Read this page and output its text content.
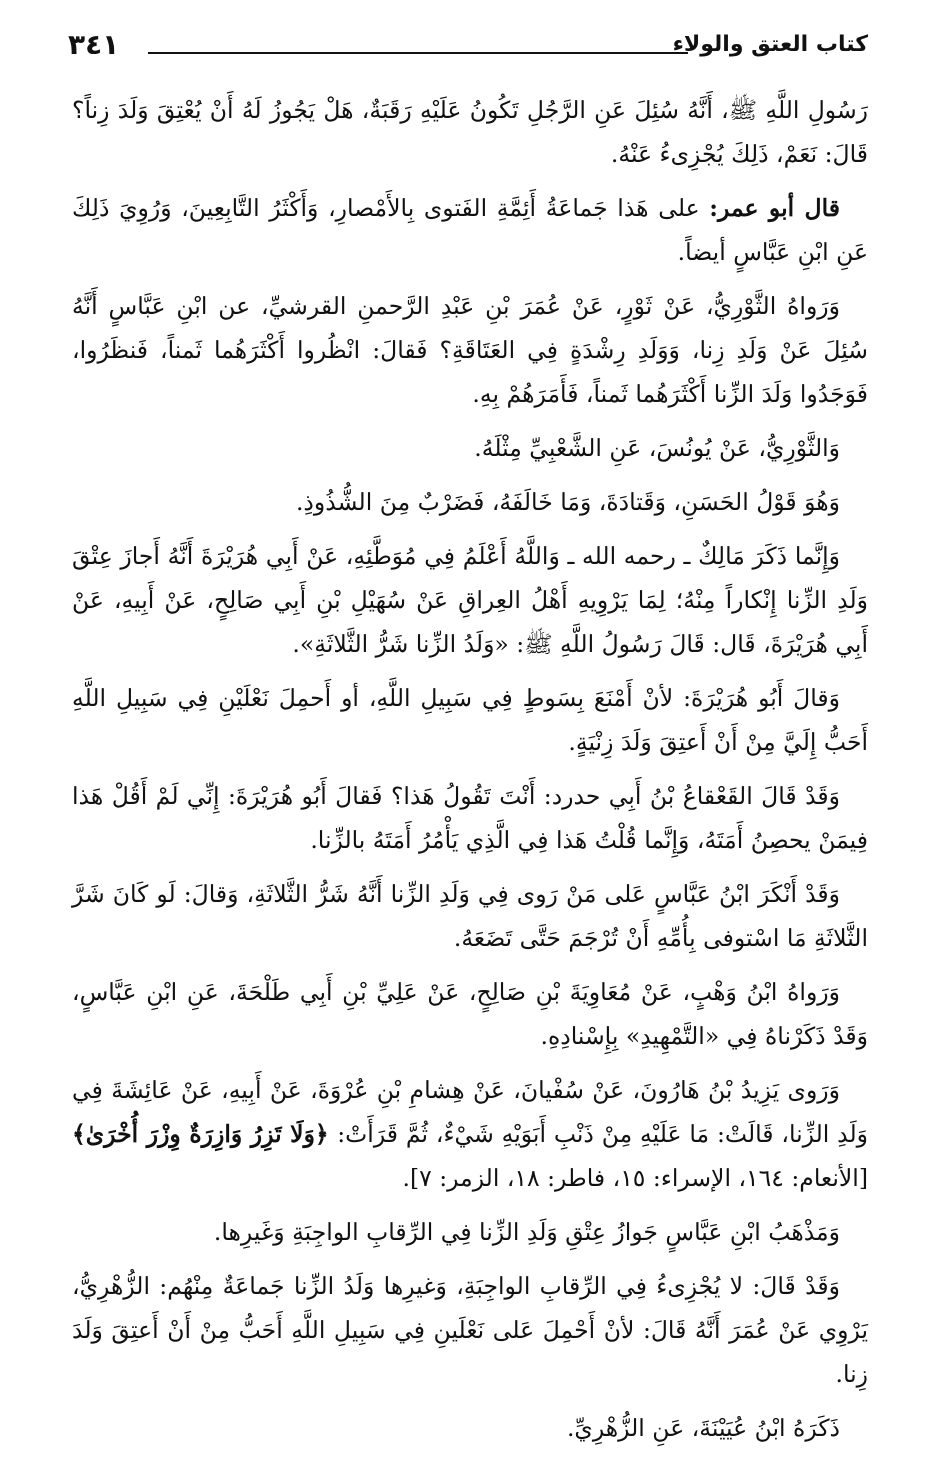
٣٤١	كتاب العتق والولاء

رَسُولِ اللَّهِ ﷺ، أَنَّهُ سُئِلَ عَنِ الرَّجُلِ تَكُونُ عَلَيْهِ رَقَبَةٌ، هَلْ يَجُوزُ لَهُ أَنْ يُعْتِقَ وَلَدَ زِناً؟ قَالَ: نَعَمْ، ذَلِكَ يُجْزِىءُ عَنْهُ.

قال أبو عمر: على هَذا جَماعَةُ أَئِمَّةِ الفَتوى بِالأَمْصارِ، وَأَكْثَرُ التَّابِعِينَ، وَرُوِيَ ذَلِكَ عَنِ ابْنِ عَبَّاسٍ أيضاً.

وَرَواهُ الثَّوْرِيُّ، عَنْ ثَوْرٍ، عَنْ عُمَرَ بْنِ عَبْدِ الرَّحمنِ القرشيِّ، عن ابْنِ عَبَّاسٍ أَنَّهُ سُئِلَ عَنْ وَلَدِ زِنا، وَوَلَدِ رِشْدَةٍ فِي العَتَاقَةِ؟ فَقالَ: انْظُروا أَكْثَرَهُما ثَمناً، فَنظَرُوا، فَوَجَدُوا وَلَدَ الزِّنا أَكْثَرَهُما ثَمناً، فَأَمَرَهُمْ بِهِ.

وَالثَّوْرِيُّ، عَنْ يُونُسَ، عَنِ الشَّعْبِيِّ مِثْلَهُ.

وَهُوَ قَوْلُ الحَسَنِ، وَقَتادَةَ، وَمَا خَالَفَهُ، فَضَرْبٌ مِنَ الشُّذُوذِ.

وَإِنَّما ذَكَرَ مَالِكٌ ـ رحمه الله ـ وَاللَّهُ أَعْلَمُ فِي مُوَطَّئِهِ، عَنْ أَبِي هُرَيْرَةَ أَنَّهُ أَجازَ عِتْقَ وَلَدِ الزِّنا إِنْكاراً مِنْهُ؛ لِمَا يَرْوِيهِ أَهْلُ العِراقِ عَنْ سُهَيْلِ بْنِ أَبِي صَالِحٍ، عَنْ أَبِيهِ، عَنْ أَبِي هُرَيْرَةَ، قَال: قَالَ رَسُولُ اللَّهِ ﷺ: «وَلَدُ الزِّنا شَرُّ الثَّلاثَةِ».

وَقالَ أَبُو هُرَيْرَةَ: لأنْ أَمْنَعَ بِسَوطٍ فِي سَبِيلِ اللَّهِ، أو أَحمِلَ نَعْلَيْنِ فِي سَبِيلِ اللَّهِ أَحَبُّ إِلَيَّ مِنْ أَنْ أَعتِقَ وَلَدَ زِنْيَةٍ.

وَقَدْ قَالَ القَعْقاعُ بْنُ أَبِي حدرد: أَنْتَ تَقُولُ هَذا؟ فَقالَ أَبُو هُرَيْرَةَ: إِنِّي لَمْ أَقُلْ هَذا فِيمَنْ يحصِنُ أَمَتَهُ، وَإِنَّما قُلْتُ هَذا فِي الَّذِي يَأْمُرُ أَمَتَهُ بالزِّنا.

وَقَدْ أَنْكَرَ ابْنُ عَبَّاسٍ عَلى مَنْ رَوى فِي وَلَدِ الزِّنا أَنَّهُ شَرُّ الثَّلاثَةِ، وَقالَ: لَو كَانَ شَرَّ الثَّلاثَةِ مَا اسْتوفى بِأُمِّهِ أَنْ تُرْجَمَ حَتَّى تَضَعَهُ.

وَرَواهُ ابْنُ وَهْبٍ، عَنْ مُعَاوِيَةَ بْنِ صَالِحٍ، عَنْ عَلِيِّ بْنِ أَبِي طَلْحَةَ، عَنِ ابْنِ عَبَّاسٍ، وَقَدْ ذَكَرْناهُ فِي «التَّمْهِيدِ» بِإِسْنادِهِ.

وَرَوى يَزِيدُ بْنُ هَارُونَ، عَنْ سُفْيانَ، عَنْ هِشامِ بْنِ عُرْوَةَ، عَنْ أَبِيهِ، عَنْ عَائِشَةَ فِي وَلَدِ الزِّنا، قَالَتْ: مَا عَلَيْهِ مِنْ ذَنْبِ أَبَوَيْهِ شَيْءٌ، ثُمَّ قَرَأَتْ: ﴿وَلَا تَزِرُ وَازِرَةٌ وِزْرَ أُخْرَىٰ﴾ [الأنعام: ١٦٤، الإسراء: ١٥، فاطر: ١٨، الزمر: ٧].

وَمَذْهَبُ ابْنِ عَبَّاسٍ جَوازُ عِتْقِ وَلَدِ الزِّنا فِي الرِّقابِ الواجِبَةِ وَغَيرِها.

وَقَدْ قَالَ: لا يُجْزِىءُ فِي الرِّقابِ الواجِبَةِ، وَغيرِها وَلَدُ الزِّنا جَماعَةٌ مِنْهُم: الزُّهْرِيُّ، يَرْوِي عَنْ عُمَرَ أَنَّهُ قَالَ: لأنْ أَحْمِلَ عَلى نَعْلَينِ فِي سَبِيلِ اللَّهِ أَحَبُّ مِنْ أَنْ أَعتِقَ وَلَدَ زِنا.

ذَكَرَهُ ابْنُ عُيَيْنَةَ، عَنِ الزُّهْرِيِّ.
